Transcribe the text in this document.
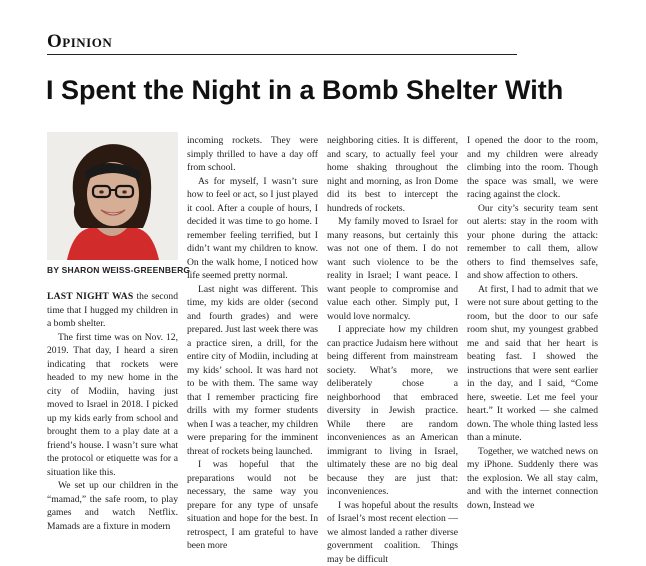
Opinion
I Spent the Night in a Bomb Shelter With
BY SHARON WEISS-GREENBERG

LAST NIGHT WAS the second time that I hugged my children in a bomb shelter.

The first time was on Nov. 12, 2019. That day, I heard a siren indicating that rockets were headed to my new home in the city of Modiin, having just moved to Israel in 2018. I picked up my kids early from school and brought them to a play date at a friend’s house. I wasn’t sure what the protocol or etiquette was for a situation like this.

We set up our children in the “mamad,” the safe room, to play games and watch Netflix. Mamads are a fixture in modern

incoming rockets. They were simply thrilled to have a day off from school.

As for myself, I wasn’t sure how to feel or act, so I just played it cool. After a couple of hours, I decided it was time to go home. I remember feeling terrified, but I didn’t want my children to know. On the walk home, I noticed how life seemed pretty normal.

Last night was different. This time, my kids are older (second and fourth grades) and were prepared. Just last week there was a practice siren, a drill, for the entire city of Modiin, including at my kids’ school. It was hard not to be with them. The same way that I remember practicing fire drills with my former students when I was a teacher, my children were preparing for the imminent threat of rockets being launched.

I was hopeful that the preparations would not be necessary, the same way you prepare for any type of unsafe situation and hope for the best. In retrospect, I am grateful to have been more

neighboring cities. It is different, and scary, to actually feel your home shaking throughout the night and morning, as Iron Dome did its best to intercept the hundreds of rockets.

My family moved to Israel for many reasons, but certainly this was not one of them. I do not want such violence to be the reality in Israel; I want peace. I want people to compromise and value each other. Simply put, I would love normalcy.

I appreciate how my children can practice Judaism here without being different from mainstream society. What’s more, we deliberately chose a neighborhood that embraced diversity in Jewish practice. While there are random inconveniences as an American immigrant to living in Israel, ultimately these are no big deal because they are just that: inconveniences.

I was hopeful about the results of Israel’s most recent election — we almost landed a rather diverse government coalition. Things may be difficult

I opened the door to the room, and my children were already climbing into the room. Though the space was small, we were racing against the clock.

Our city’s security team sent out alerts: stay in the room with your phone during the attack: remember to call them, allow others to find themselves safe, and show affection to others.

At first, I had to admit that we were not sure about getting to the room, but the door to our safe room shut, my youngest grabbed me and said that her heart is beating fast. I showed the instructions that were sent earlier in the day, and I said, “Come here, sweetie. Let me feel your heart.” It worked — she calmed down. The whole thing lasted less than a minute.

Together, we watched news on my iPhone. Suddenly there was the explosion. We all stay calm, and with the internet connection down, Instead we
